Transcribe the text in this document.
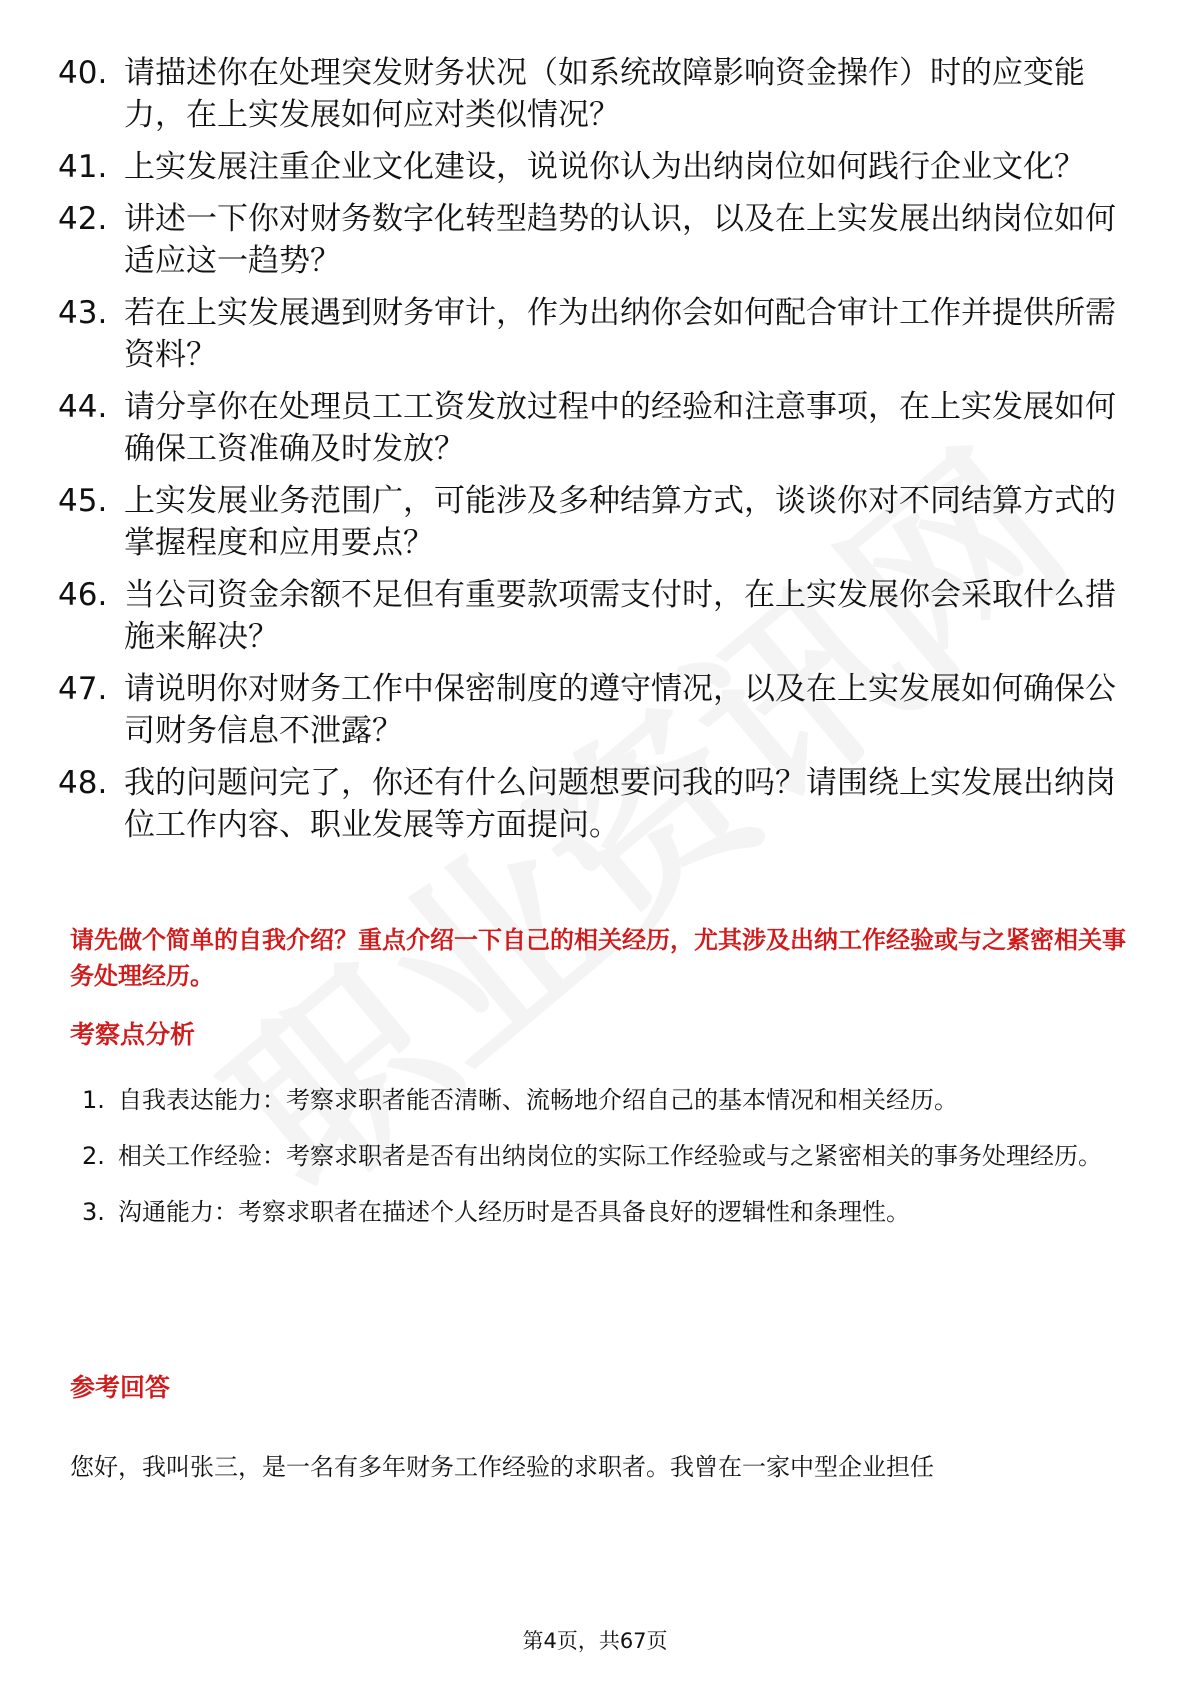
40. 请描述你在处理突发财务状况（如系统故障影响资金操作）时的应变能力，在上实发展如何应对类似情况？
41. 上实发展注重企业文化建设，说说你认为出纳岗位如何践行企业文化？
42. 讲述一下你对财务数字化转型趋势的认识，以及在上实发展出纳岗位如何适应这一趋势？
43. 若在上实发展遇到财务审计，作为出纳你会如何配合审计工作并提供所需资料？
44. 请分享你在处理员工工资发放过程中的经验和注意事项，在上实发展如何确保工资准确及时发放？
45. 上实发展业务范围广，可能涉及多种结算方式，谈谈你对不同结算方式的掌握程度和应用要点？
46. 当公司资金余额不足但有重要款项需支付时，在上实发展你会采取什么措施来解决？
47. 请说明你对财务工作中保密制度的遵守情况，以及在上实发展如何确保公司财务信息不泄露？
48. 我的问题问完了，你还有什么问题想要问我的吗？请围绕上实发展出纳岗位工作内容、职业发展等方面提问。

请先做个简单的自我介绍？重点介绍一下自己的相关经历，尤其涉及出纳工作经验或与之紧密相关事务处理经历。

考察点分析
1. 自我表达能力：考察求职者能否清晰、流畅地介绍自己的基本情况和相关经历。
2. 相关工作经验：考察求职者是否有出纳岗位的实际工作经验或与之紧密相关的事务处理经历。
3. 沟通能力：考察求职者在描述个人经历时是否具备良好的逻辑性和条理性。
参考回答

您好，我叫张三，是一名有多年财务工作经验的求职者。我曾在一家中型企业担任

第4页，共67页
